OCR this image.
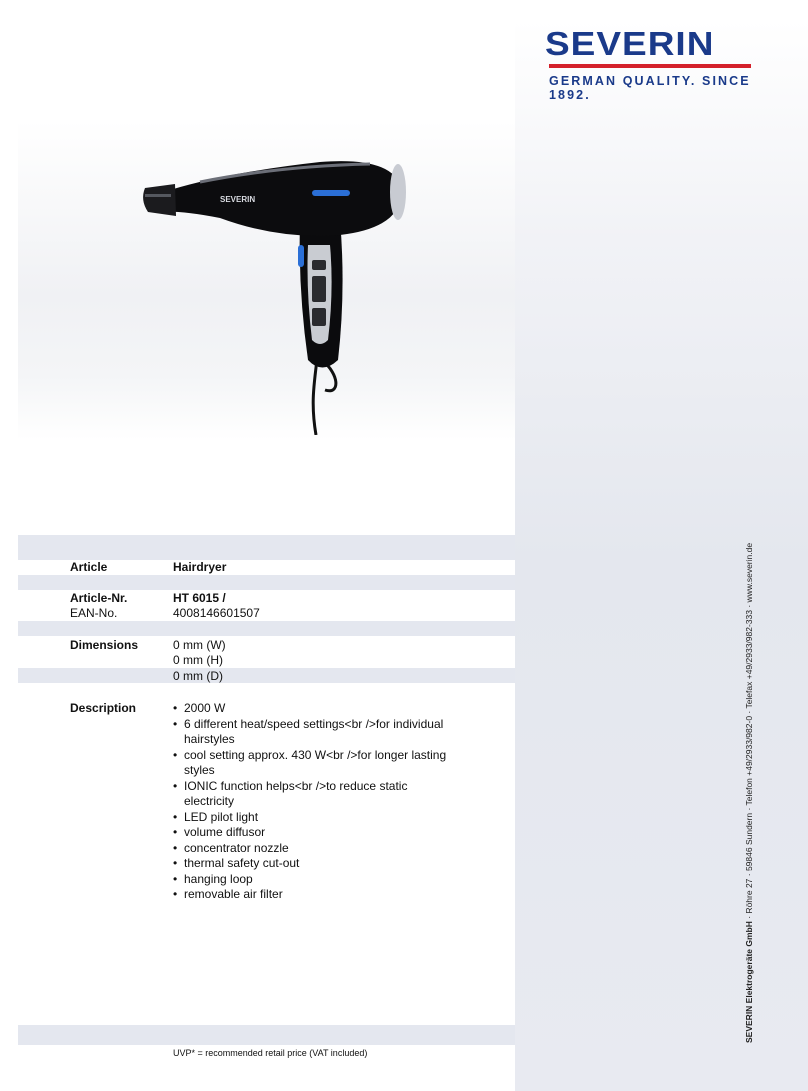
SEVERIN
GERMAN QUALITY. SINCE 1892.
SEVERIN
Article	Hairdryer
Article-Nr.	HT 6015 /
EAN-No.	4008146601507
Dimensions	0 mm (W)
0 mm (H)
0 mm (D)
Description
•	2000 W
• 6 different heat/speed settings<br />for individual hairstyles
• cool setting approx. 430 W<br />for longer lasting styles
• IONIC function helps<br />to reduce static electricity
• LED pilot light
• volume diffusor
• concentrator nozzle
• thermal safety cut-out
• hanging loop
• removable air filter
UVP* = recommended retail price (VAT included)
SEVERIN Elektrogeräte GmbH · Röhre 27 · 59846 Sundern · Telefon +49/2933/982-0 · Telefax +49/2933/982-333 · www.severin.de
